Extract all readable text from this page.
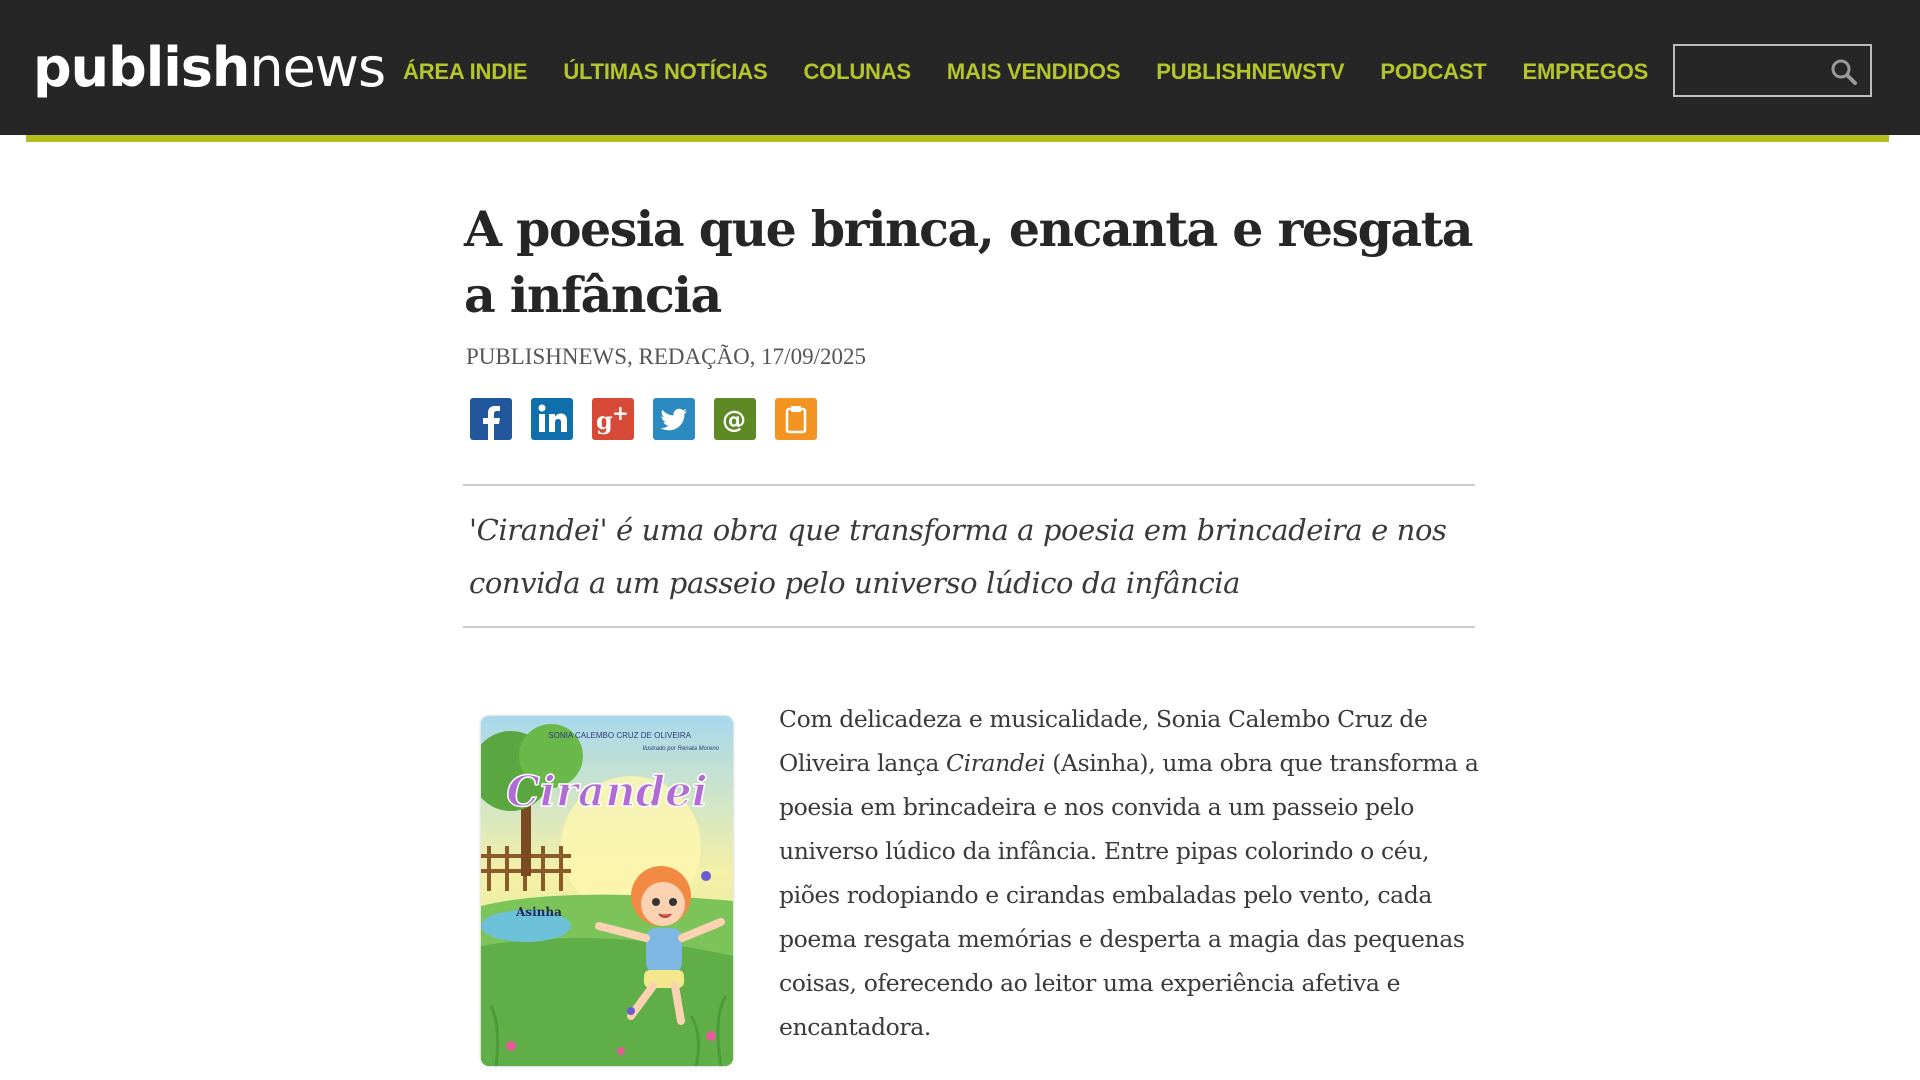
publishnews ÁREA INDIE ÚLTIMAS NOTÍCIAS COLUNAS MAIS VENDIDOS PUBLISHNEWSTV PODCAST EMPREGOS
A poesia que brinca, encanta e resgata a infância
PUBLISHNEWS, REDAÇÃO, 17/09/2025
g +	@

'Cirandei' é uma obra que transforma a poesia em brincadeira e nos convida a um passeio pelo universo lúdico da infância

SONIA CALEMBO CRUZ DE OLIVEIRA
Ilustrado por Renata Moreno
Cirandei
Asinha

Com delicadeza e musicalidade, Sonia Calembo Cruz de Oliveira lança Cirandei (Asinha), uma obra que transforma a poesia em brincadeira e nos convida a um passeio pelo universo lúdico da infância. Entre pipas colorindo o céu, piões rodopiando e cirandas embaladas pelo vento, cada poema resgata memórias e desperta a magia das pequenas coisas, oferecendo ao leitor uma experiência afetiva e encantadora.
